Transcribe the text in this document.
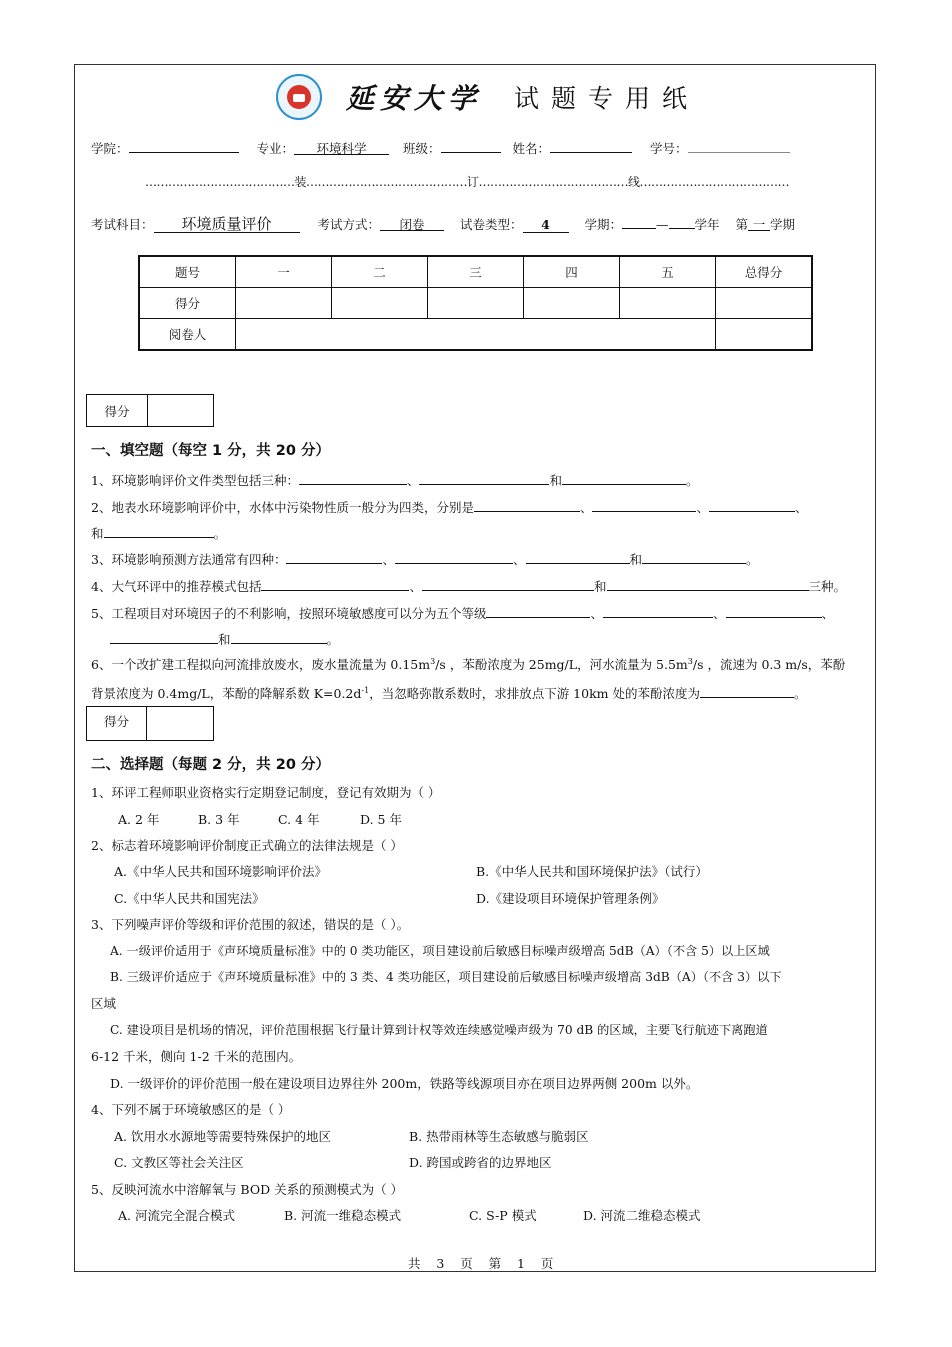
延安大学 试题专用纸
学院：	专业： 环境科学	班级：	姓名：	学号：
…………………………………装……………………………………订…………………………………线…………………………………
考试科目： 环境质量评价	考试方式： 闭卷	试卷类型： 4	学期：	— 学年 第 一 学期
题号	一	二	三	四	五	总得分
得分						
阅卷人						
得分
一、填空题（每空 1 分，共 20 分）
1、环境影响评价文件类型包括三种：	、	和	。
2、地表水环境影响评价中，水体中污染物性质一般分为四类，分别是	、	、	、
和	。
3、环境影响预测方法通常有四种：	、	、	和	。
4、大气环评中的推荐模式包括	、	和	三种。
5、工程项目对环境因子的不利影响，按照环境敏感度可以分为五个等级	、	、	、
和	。
6、一个改扩建工程拟向河流排放废水，废水量流量为 $0.15m^3/s$ ，苯酚浓度为 25mg/L，河水流量为 $5.5m^3/s$ ，流速为 0.3 m/s，苯酚
背景浓度为 0.4mg/L，苯酚的降解系数 $K=0.2d^{-1}$，当忽略弥散系数时，求排放点下游 10km 处的苯酚浓度为	。
得分
二、选择题（每题 2 分，共 20 分）
1、环评工程师职业资格实行定期登记制度，登记有效期为（ ）
A. 2 年	B. 3 年	C. 4 年	D. 5 年
2、标志着环境影响评价制度正式确立的法律法规是（ ）
A.《中华人民共和国环境影响评价法》	B.《中华人民共和国环境保护法》（试行）
C.《中华人民共和国宪法》	D.《建设项目环境保护管理条例》
3、下列噪声评价等级和评价范围的叙述，错误的是（ ）。
A. 一级评价适用于《声环境质量标准》中的 0 类功能区，项目建设前后敏感目标噪声级增高 5dB（A）（不含 5）以上区域
B. 三级评价适应于《声环境质量标准》中的 3 类、4 类功能区，项目建设前后敏感目标噪声级增高 3dB（A）（不含 3）以下
区域
C. 建设项目是机场的情况，评价范围根据飞行量计算到计权等效连续感觉噪声级为 70 dB 的区域，主要飞行航迹下离跑道
6-12 千米，侧向 1-2 千米的范围内。
D. 一级评价的评价范围一般在建设项目边界往外 200m，铁路等线源项目亦在项目边界两侧 200m 以外。
4、下列不属于环境敏感区的是（ ）
A. 饮用水水源地等需要特殊保护的地区	B. 热带雨林等生态敏感与脆弱区
C. 文教区等社会关注区	D. 跨国或跨省的边界地区
5、反映河流水中溶解氧与 BOD 关系的预测模式为（ ）
A. 河流完全混合模式	B. 河流一维稳态模式	C. S-P 模式	D. 河流二维稳态模式
共    3    页    第    1    页
